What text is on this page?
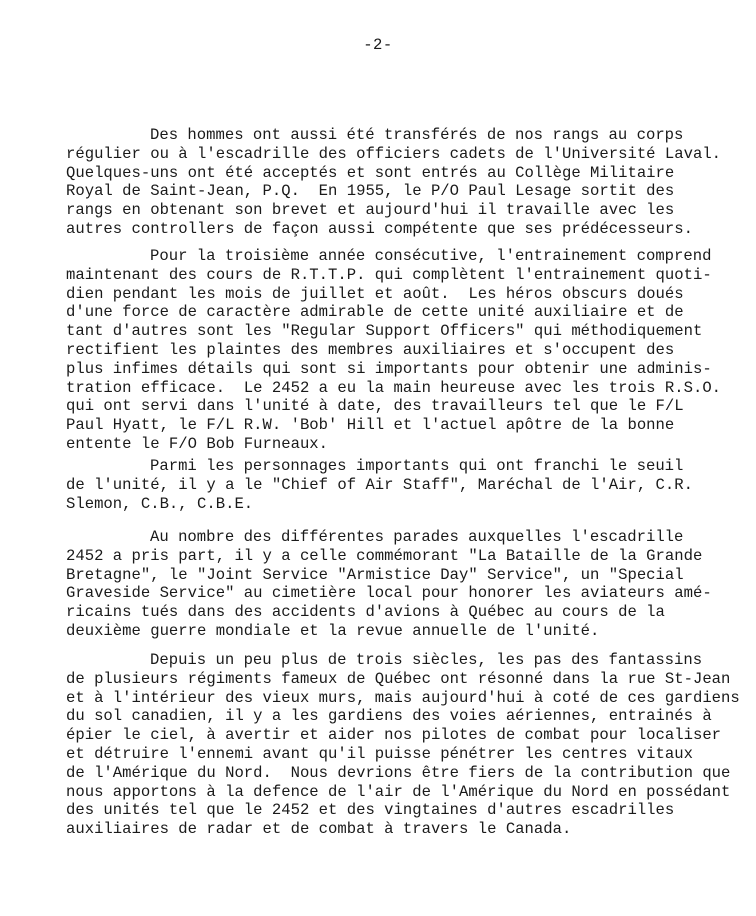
-2-
Des hommes ont aussi été transférés de nos rangs au corps
régulier ou à l'escadrille des officiers cadets de l'Université Laval.
Quelques-uns ont été acceptés et sont entrés au Collège Militaire
Royal de Saint-Jean, P.Q.  En 1955, le P/O Paul Lesage sortit des
rangs en obtenant son brevet et aujourd'hui il travaille avec les
autres controllers de façon aussi compétente que ses prédécesseurs.
Pour la troisième année consécutive, l'entrainement comprend
maintenant des cours de R.T.T.P. qui complètent l'entrainement quoti-
dien pendant les mois de juillet et août.  Les héros obscurs doués
d'une force de caractère admirable de cette unité auxiliaire et de
tant d'autres sont les "Regular Support Officers" qui méthodiquement
rectifient les plaintes des membres auxiliaires et s'occupent des
plus infimes détails qui sont si importants pour obtenir une adminis-
tration efficace.  Le 2452 a eu la main heureuse avec les trois R.S.O.
qui ont servi dans l'unité à date, des travailleurs tel que le F/L
Paul Hyatt, le F/L R.W. 'Bob' Hill et l'actuel apôtre de la bonne
entente le F/O Bob Furneaux.
Parmi les personnages importants qui ont franchi le seuil
de l'unité, il y a le "Chief of Air Staff", Maréchal de l'Air, C.R.
Slemon, C.B., C.B.E.
Au nombre des différentes parades auxquelles l'escadrille
2452 a pris part, il y a celle commémorant "La Bataille de la Grande
Bretagne", le "Joint Service "Armistice Day" Service", un "Special
Graveside Service" au cimetière local pour honorer les aviateurs amé-
ricains tués dans des accidents d'avions à Québec au cours de la
deuxième guerre mondiale et la revue annuelle de l'unité.
Depuis un peu plus de trois siècles, les pas des fantassins
de plusieurs régiments fameux de Québec ont résonné dans la rue St-Jean
et à l'intérieur des vieux murs, mais aujourd'hui à coté de ces gardiens
du sol canadien, il y a les gardiens des voies aériennes, entrainés à
épier le ciel, à avertir et aider nos pilotes de combat pour localiser
et détruire l'ennemi avant qu'il puisse pénétrer les centres vitaux
de l'Amérique du Nord.  Nous devrions être fiers de la contribution que
nous apportons à la defence de l'air de l'Amérique du Nord en possédant
des unités tel que le 2452 et des vingtaines d'autres escadrilles
auxiliaires de radar et de combat à travers le Canada.
